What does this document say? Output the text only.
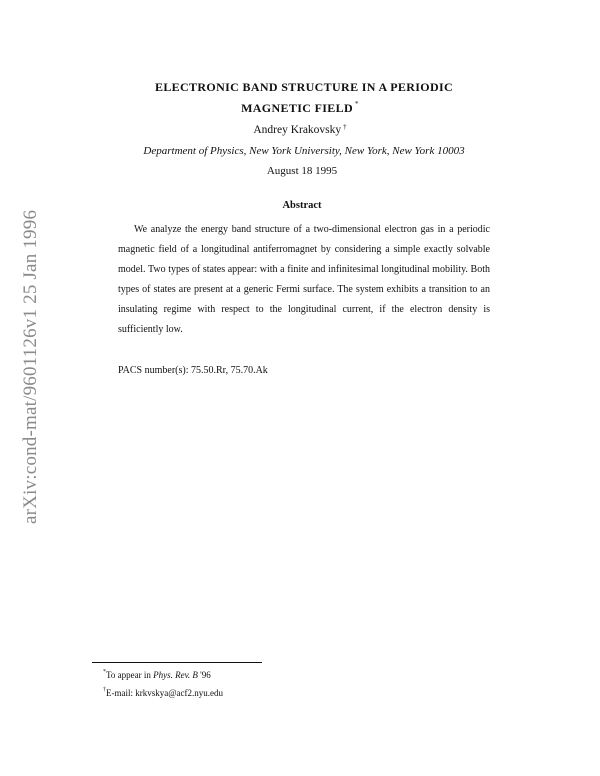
arXiv:cond-mat/9601126v1 25 Jan 1996
ELECTRONIC BAND STRUCTURE IN A PERIODIC
MAGNETIC FIELD *
Andrey Krakovsky †
Department of Physics, New York University, New York, New York 10003
August 18 1995
Abstract

We analyze the energy band structure of a two-dimensional electron gas in a periodic magnetic field of a longitudinal antiferromagnet by considering a simple exactly solvable model. Two types of states appear: with a finite and infinitesimal longitudinal mobility. Both types of states are present at a generic Fermi surface. The system exhibits a transition to an insulating regime with respect to the longitudinal current, if the electron density is sufficiently low.

PACS number(s): 75.50.Rr, 75.70.Ak
*To appear in Phys. Rev. B '96
†E-mail: krkvskya@acf2.nyu.edu
